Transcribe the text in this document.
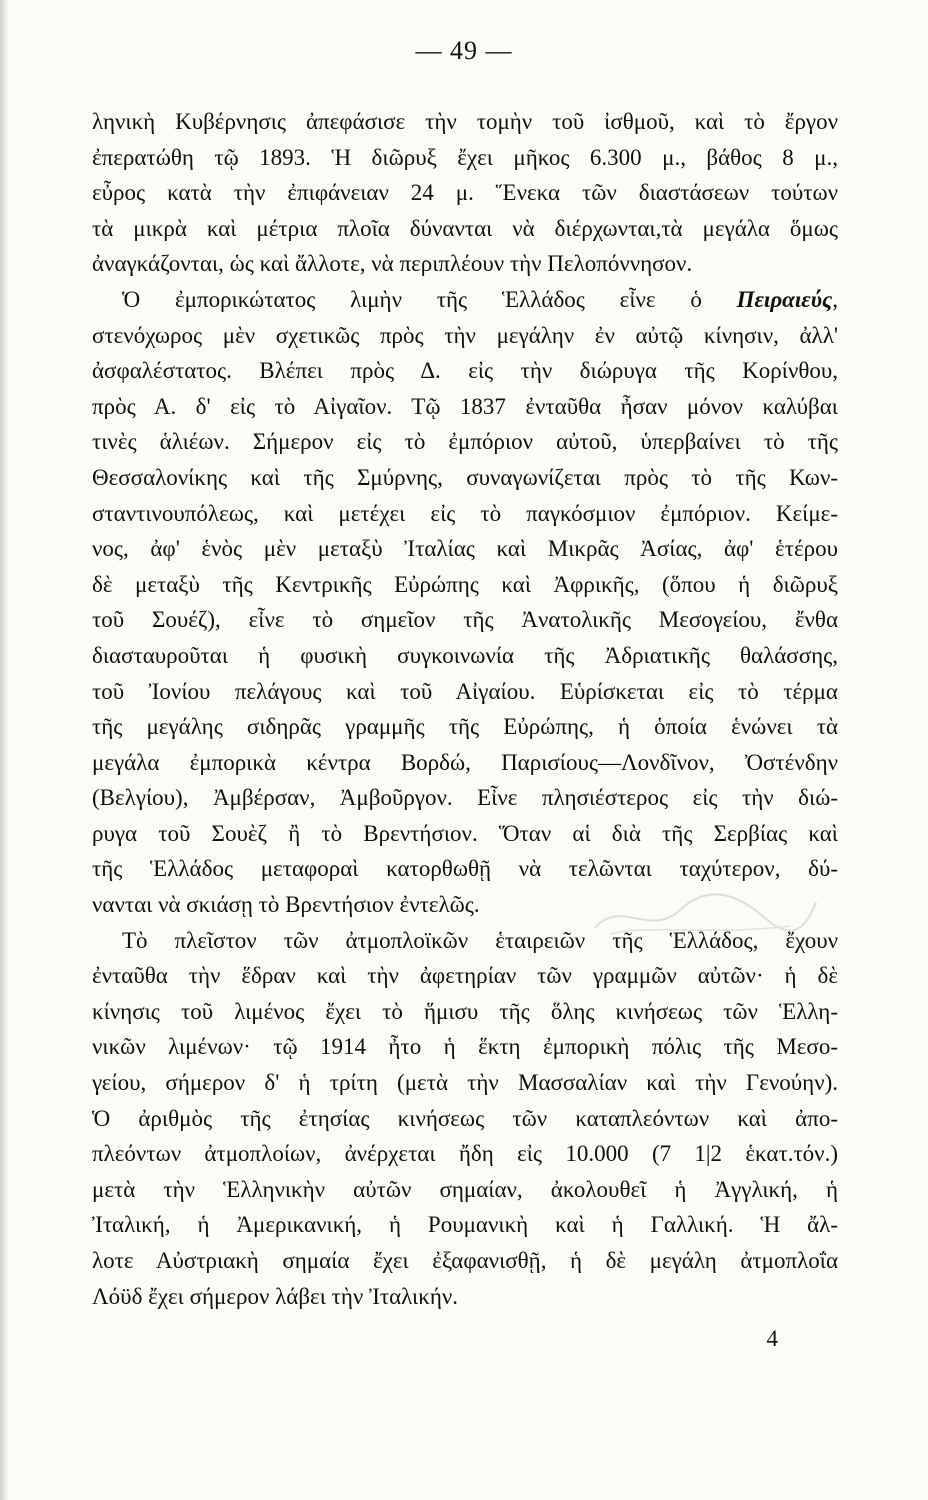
— 49 —
ληνικὴ Κυβέρνησις ἀπεφάσισε τὴν τομὴν τοῦ ἰσθμοῦ, καὶ τὸ ἔργον
ἐπερατώθη τῷ 1893. Ἡ διῶρυξ ἔχει μῆκος 6.300 μ., βάθος 8 μ.,
εὖρος κατὰ τὴν ἐπιφάνειαν 24 μ. Ἕνεκα τῶν διαστάσεων τούτων
τὰ μικρὰ καὶ μέτρια πλοῖα δύνανται νὰ διέρχωνται,τὰ μεγάλα ὅμως
ἀναγκάζονται, ὡς καὶ ἄλλοτε, νὰ περιπλέουν τὴν Πελοπόννησον.
Ὁ ἐμπορικώτατος λιμὴν τῆς Ἑλλάδος εἶνε ὁ Πειραιεύς,
στενόχωρος μὲν σχετικῶς πρὸς τὴν μεγάλην ἐν αὐτῷ κίνησιν, ἀλλ'
ἀσφαλέστατος. Βλέπει πρὸς Δ. εἰς τὴν διώρυγα τῆς Κορίνθου,
πρὸς Α. δ' εἰς τὸ Αἰγαῖον. Τῷ 1837 ἐνταῦθα ἦσαν μόνον καλύβαι
τινὲς ἁλιέων. Σήμερον εἰς τὸ ἐμπόριον αὐτοῦ, ὑπερβαίνει τὸ τῆς
Θεσσαλονίκης καὶ τῆς Σμύρνης, συναγωνίζεται πρὸς τὸ τῆς Κων-
σταντινουπόλεως, καὶ μετέχει εἰς τὸ παγκόσμιον ἐμπόριον. Κείμε-
νος, ἀφ' ἑνὸς μὲν μεταξὺ Ἰταλίας καὶ Μικρᾶς Ἀσίας, ἀφ' ἑτέρου
δὲ μεταξὺ τῆς Κεντρικῆς Εὐρώπης καὶ Ἀφρικῆς, (ὅπου ἡ διῶρυξ
τοῦ Σουέζ), εἶνε τὸ σημεῖον τῆς Ἀνατολικῆς Μεσογείου, ἔνθα
διασταυροῦται ἡ φυσικὴ συγκοινωνία τῆς Ἀδριατικῆς θαλάσσης,
τοῦ Ἰονίου πελάγους καὶ τοῦ Αἰγαίου. Εὑρίσκεται εἰς τὸ τέρμα
τῆς μεγάλης σιδηρᾶς γραμμῆς τῆς Εὐρώπης, ἡ ὁποία ἑνώνει τὰ
μεγάλα ἐμπορικὰ κέντρα Βορδώ, Παρισίους—Λονδῖνον, Ὀστένδην
(Βελγίου), Ἀμβέρσαν, Ἀμβοῦργον. Εἶνε πλησιέστερος εἰς τὴν διώ-
ρυγα τοῦ Σουὲζ ἢ τὸ Βρεντήσιον. Ὅταν αἱ διὰ τῆς Σερβίας καὶ
τῆς Ἑλλάδος μεταφοραὶ κατορθωθῇ νὰ τελῶνται ταχύτερον, δύ-
νανται νὰ σκιάσῃ τὸ Βρεντήσιον ἐντελῶς.
Τὸ πλεῖστον τῶν ἀτμοπλοϊκῶν ἑταιρειῶν τῆς Ἑλλάδος, ἔχουν
ἐνταῦθα τὴν ἕδραν καὶ τὴν ἀφετηρίαν τῶν γραμμῶν αὐτῶν· ἡ δὲ
κίνησις τοῦ λιμένος ἔχει τὸ ἥμισυ τῆς ὅλης κινήσεως τῶν Ἑλλη-
νικῶν λιμένων· τῷ 1914 ἦτο ἡ ἕκτη ἐμπορικὴ πόλις τῆς Μεσο-
γείου, σήμερον δ' ἡ τρίτη (μετὰ τὴν Μασσαλίαν καὶ τὴν Γενούην).
Ὁ ἀριθμὸς τῆς ἐτησίας κινήσεως τῶν καταπλεόντων καὶ ἀπο-
πλεόντων ἀτμοπλοίων, ἀνέρχεται ἤδη εἰς 10.000 (7 1|2 ἑκατ.τόν.)
μετὰ τὴν Ἑλληνικὴν αὐτῶν σημαίαν, ἀκολουθεῖ ἡ Ἀγγλική, ἡ
Ἰταλική, ἡ Ἀμερικανική, ἡ Ρουμανικὴ καὶ ἡ Γαλλική. Ἡ ἄλ-
λοτε Αὐστριακὴ σημαία ἔχει ἐξαφανισθῇ, ἡ δὲ μεγάλη ἀτμοπλοΐα
Λόϋδ ἔχει σήμερον λάβει τὴν Ἰταλικήν.
4
